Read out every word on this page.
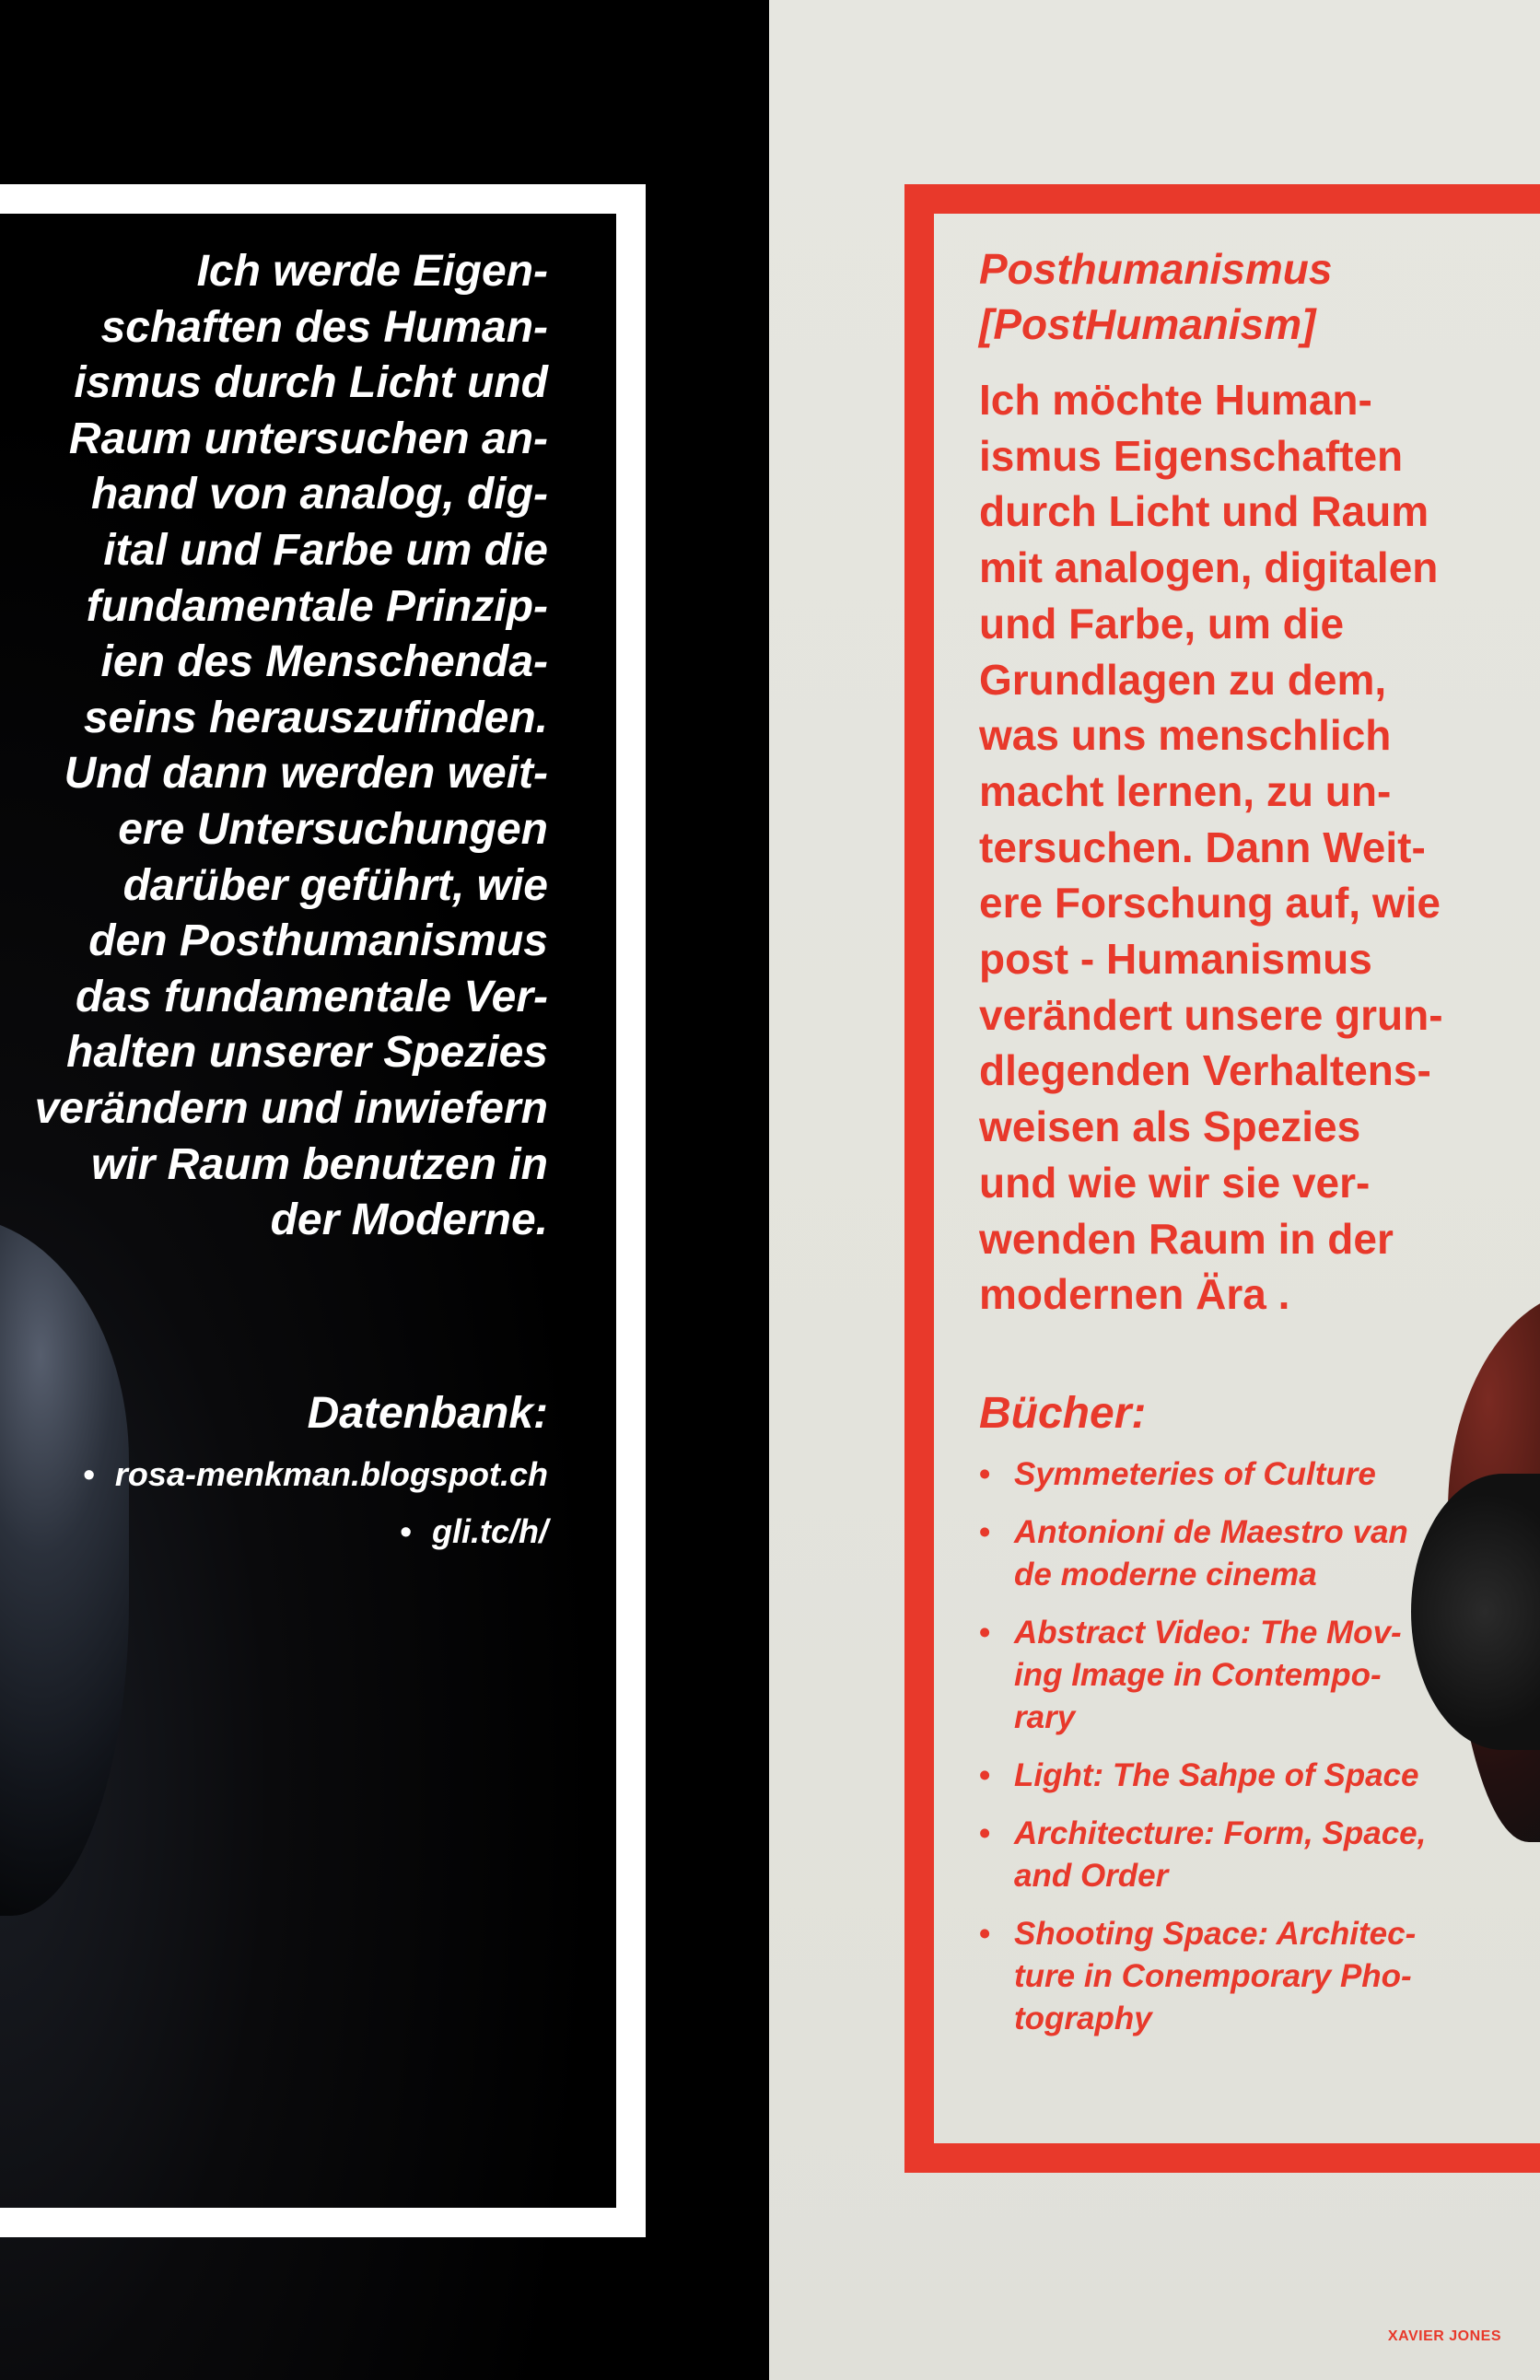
Ich werde Eigen-
schaften des Human-
ismus durch Licht und
Raum untersuchen an-
hand von analog, dig-
ital und Farbe um die
fundamentale Prinzip-
ien des Menschenda-
seins herauszufinden.
Und dann werden weit-
ere Untersuchungen
darüber geführt, wie
den Posthumanismus
das fundamentale Ver-
halten unserer Spezies
verändern und inwiefern
wir Raum benutzen in
der Moderne.
Datenbank:
• rosa-menkman.blogspot.ch
• gli.tc/h/
Posthumanismus
[PostHumanism]
Ich möchte Human-
ismus Eigenschaften
durch Licht und Raum
mit analogen, digitalen
und Farbe, um die
Grundlagen zu dem,
was uns menschlich
macht lernen, zu un-
tersuchen. Dann Weit-
ere Forschung auf, wie
post - Humanismus
verändert unsere grun-
dlegenden Verhaltens-
weisen als Spezies
und wie wir sie ver-
wenden Raum in der
modernen Ära .
Bücher:
• Symmeteries of Culture
• Antonioni de Maestro van
de moderne cinema
• Abstract Video: The Mov-
ing Image in Contempo-
rary
• Light: The Sahpe of Space
• Architecture: Form, Space,
and Order
• Shooting Space: Architec-
ture in Conemporary Pho-
tography
XAVIER JONES
